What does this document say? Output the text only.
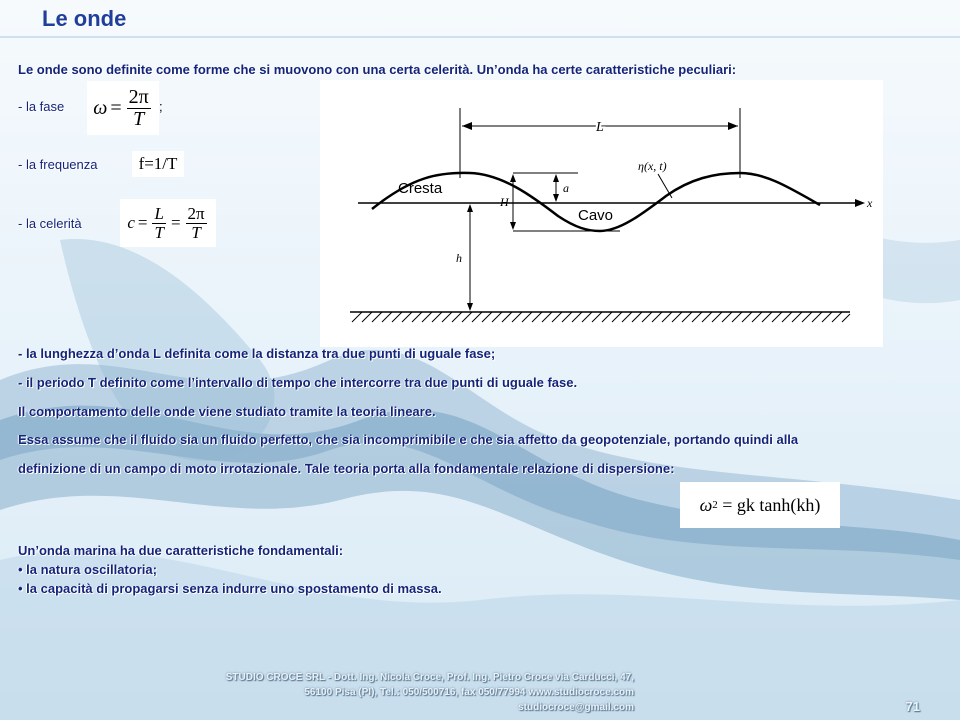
Le onde
Le onde sono definite come forme che si muovono con una certa celerità. Un’onda ha certe caratteristiche peculiari:
- la fase $\omega = \frac{2\pi}{T}$ ;
- la frequenza	f=1/T
- la celerità	$c = \frac{L}{T} = \frac{2\pi}{T}$
x
L
η(x, t)
H
a
h
Cresta
Cavo
- la lunghezza d’onda L definita come la distanza tra due punti di uguale fase;
- il periodo T definito come l’intervallo di tempo che intercorre tra due punti di uguale fase.
Il comportamento delle onde viene studiato tramite la teoria lineare.
Essa assume che il fluido sia un fluido perfetto, che sia incomprimibile e che sia affetto da geopotenziale, portando quindi alla
definizione di un campo di moto irrotazionale. Tale teoria porta alla fondamentale relazione di dispersione:
ω 2 = gk tanh(kh)
Un’onda marina ha due caratteristiche fondamentali:
• la natura oscillatoria;
• la capacità di propagarsi senza indurre uno spostamento di massa.
STUDIO CROCE SRL - Dott. Ing. Nicola Croce, Prof. Ing. Pietro Croce via Carducci, 47,
56100 Pisa (PI), Tel.: 050/500716, fax 050/77994 www.studiocroce.com
studiocroce@gmail.com	71
